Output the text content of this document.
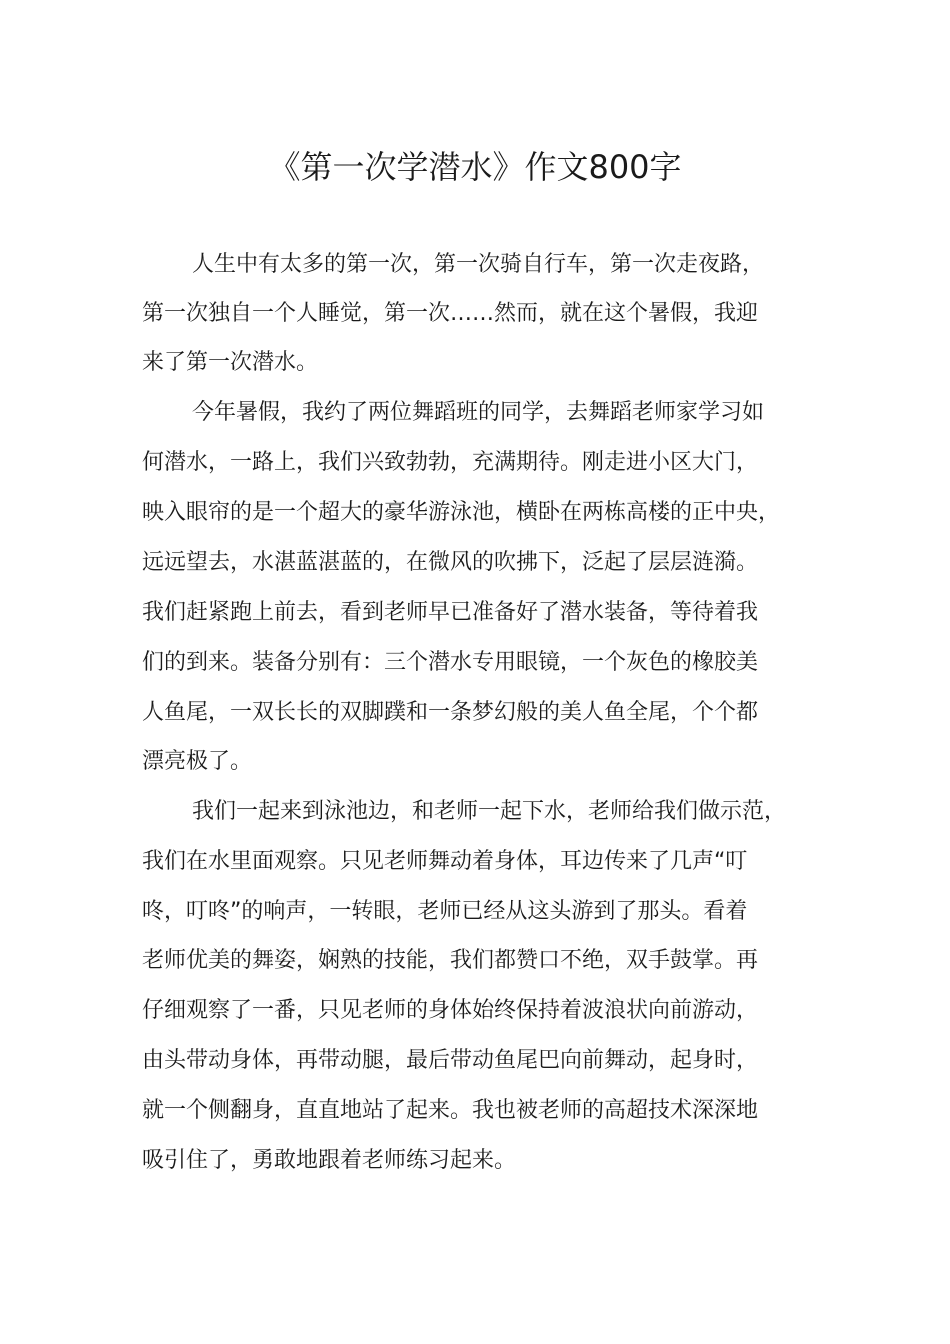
《第一次学潜水》作文800字
人生中有太多的第一次，第一次骑自行车，第一次走夜路，
第一次独自一个人睡觉，第一次……然而，就在这个暑假，我迎
来了第一次潜水。
今年暑假，我约了两位舞蹈班的同学，去舞蹈老师家学习如
何潜水，一路上，我们兴致勃勃，充满期待。刚走进小区大门，
映入眼帘的是一个超大的豪华游泳池，横卧在两栋高楼的正中央，
远远望去，水湛蓝湛蓝的，在微风的吹拂下，泛起了层层涟漪。
我们赶紧跑上前去，看到老师早已准备好了潜水装备，等待着我
们的到来。装备分别有：三个潜水专用眼镜，一个灰色的橡胶美
人鱼尾，一双长长的双脚蹼和一条梦幻般的美人鱼全尾，个个都
漂亮极了。
我们一起来到泳池边，和老师一起下水，老师给我们做示范，
我们在水里面观察。只见老师舞动着身体，耳边传来了几声“叮
咚，叮咚”的响声，一转眼，老师已经从这头游到了那头。看着
老师优美的舞姿，娴熟的技能，我们都赞口不绝，双手鼓掌。再
仔细观察了一番，只见老师的身体始终保持着波浪状向前游动，
由头带动身体，再带动腿，最后带动鱼尾巴向前舞动，起身时，
就一个侧翻身，直直地站了起来。我也被老师的高超技术深深地
吸引住了，勇敢地跟着老师练习起来。
